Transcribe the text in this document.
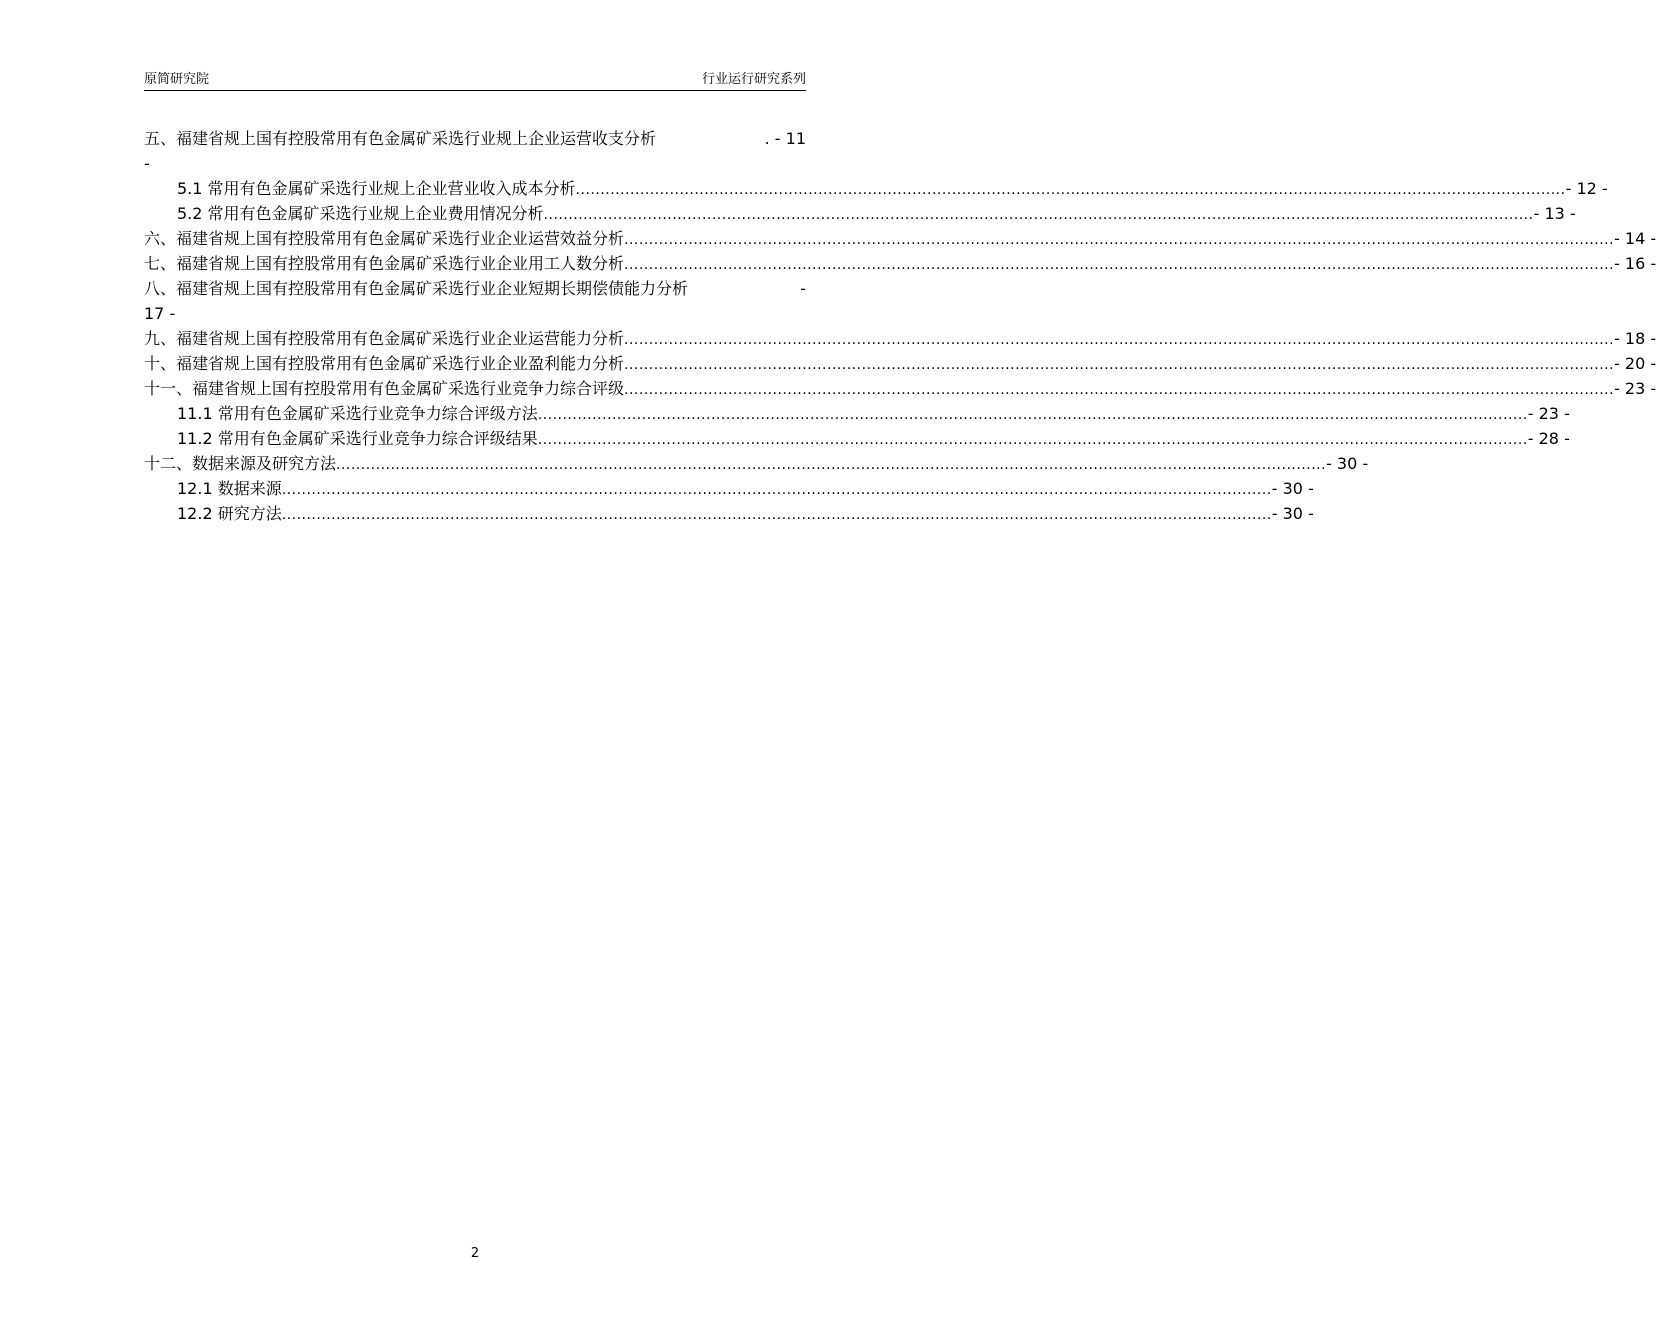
原简研究院	行业运行研究系列
五、福建省规上国有控股常用有色金属矿采选行业规上企业运营收支分析	. - 11
-
5.1 常用有色金属矿采选行业规上企业营业收入成本分析 ........................................................................................................................................................................................................ - 12 -
5.2 常用有色金属矿采选行业规上企业费用情况分析 ........................................................................................................................................................................................................ - 13 -
六、福建省规上国有控股常用有色金属矿采选行业企业运营效益分析 ........................................................................................................................................................................................................ - 14 -
七、福建省规上国有控股常用有色金属矿采选行业企业用工人数分析 ........................................................................................................................................................................................................ - 16 -
八、福建省规上国有控股常用有色金属矿采选行业企业短期长期偿债能力分析	-
17 -
九、福建省规上国有控股常用有色金属矿采选行业企业运营能力分析 ........................................................................................................................................................................................................ - 18 -
十、福建省规上国有控股常用有色金属矿采选行业企业盈利能力分析 ........................................................................................................................................................................................................ - 20 -
十一、福建省规上国有控股常用有色金属矿采选行业竞争力综合评级 ........................................................................................................................................................................................................ - 23 -
11.1 常用有色金属矿采选行业竞争力综合评级方法 ........................................................................................................................................................................................................ - 23 -
11.2 常用有色金属矿采选行业竞争力综合评级结果 ........................................................................................................................................................................................................ - 28 -
十二、数据来源及研究方法 ........................................................................................................................................................................................................ - 30 -
12.1 数据来源 ........................................................................................................................................................................................................ - 30 -
12.2 研究方法 ........................................................................................................................................................................................................ - 30 -
2
